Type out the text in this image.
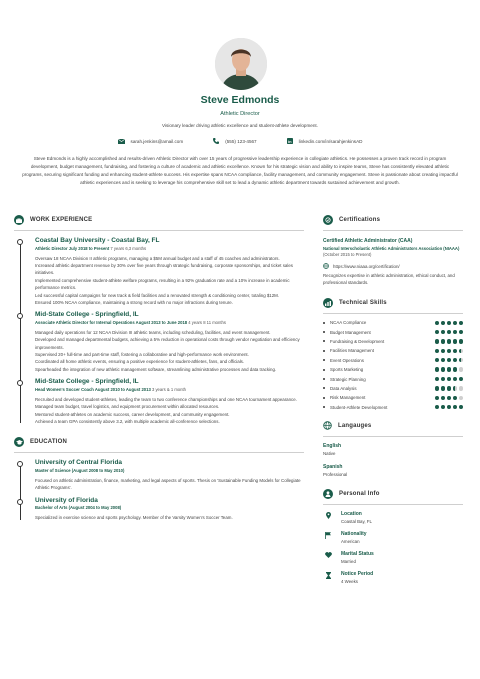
Steve Edmonds
Athletic Director
Visionary leader driving athletic excellence and student-athlete development.
sarah.jenkins@amail.com	(555) 123-4567	in linkedin.com/in/sarahjenkinsAD
Steve Edmonds is a highly accomplished and results-driven Athletic Director with over 15 years of progressive leadership experience in collegiate athletics. He possesses a proven track record in program development, budget management, fundraising, and fostering a culture of academic and athletic excellence. Known for his strategic vision and ability to inspire teams, Steve has consistently elevated athletic programs, securing significant funding and enhancing student-athlete success. His expertise spans NCAA compliance, facility management, and community engagement. Steve is passionate about creating impactful athletic experiences and is seeking to leverage his comprehensive skill set to lead a dynamic athletic department towards sustained achievement and growth.
WORK EXPERIENCE
Coastal Bay University - Coastal Bay, FL
Athletic Director July 2018 to Present 7 years 6,3 months
Oversaw 18 NCAA Division II athletic programs, managing a $5M annual budget and a staff of 45 coaches and administrators.
Increased athletic department revenue by 30% over five years through strategic fundraising, corporate sponsorships, and ticket sales initiatives.
Implemented comprehensive student-athlete welfare programs, resulting in a 92% graduation rate and a 10% increase in academic performance metrics.
Led successful capital campaigns for new track & field facilities and a renovated strength & conditioning center, totaling $12M.
Ensured 100% NCAA compliance, maintaining a strong record with no major infractions during tenure.
Mid-State College - Springfield, IL
Associate Athletic Director for Internal Operations August 2013 to June 2018 4 years 8 11 months
Managed daily operations for 12 NCAA Division III athletic teams, including scheduling, facilities, and event management.
Developed and managed departmental budgets, achieving a 5% reduction in operational costs through vendor negotiation and efficiency improvements.
Supervised 20+ full-time and part-time staff, fostering a collaborative and high-performance work environment.
Coordinated all home athletic events, ensuring a positive experience for student-athletes, fans, and officials.
Spearheaded the integration of new athletic management software, streamlining administrative processes and data tracking.
Mid-State College - Springfield, IL
Head Women's Soccer Coach August 2010 to August 2013 3 years & 1 month
Recruited and developed student-athletes, leading the team to two conference championships and one NCAA tournament appearance.
Managed team budget, travel logistics, and equipment procurement within allocated resources.
Mentored student-athletes on academic success, career development, and community engagement.
Achieved a team GPA consistently above 3.2, with multiple academic all-conference selections.
EDUCATION
University of Central Florida
Master of Science (August 2008 to May 2010)
Focused on athletic administration, finance, marketing, and legal aspects of sports. Thesis on 'Sustainable Funding Models for Collegiate Athletic Programs'.
University of Florida
Bachelor of Arts (August 2004 to May 2008)
Specialized in exercise science and sports psychology. Member of the Varsity Women's Soccer Team.
Certifications
Certified Athletic Administrator (CAA)
National Interscholastic Athletic Administrators Association (NIAAA) (October 2015 to Present)
https://www.niaaa.org/certification/
Recognizes expertise in athletic administration, ethical conduct, and professional standards.
Technical Skills
NCAA Compliance
Budget Management
Fundraising & Development
Facilities Management
Event Operations
Sports Marketing
Strategic Planning
Data Analysis
Risk Management
Student-Athlete Development
Langauges
English
Native
Spanish
Professional
Personal Info
Location
Coastal Bay, FL
Nationality
American
Marital Status
Married
Notice Period
4 Weeks
